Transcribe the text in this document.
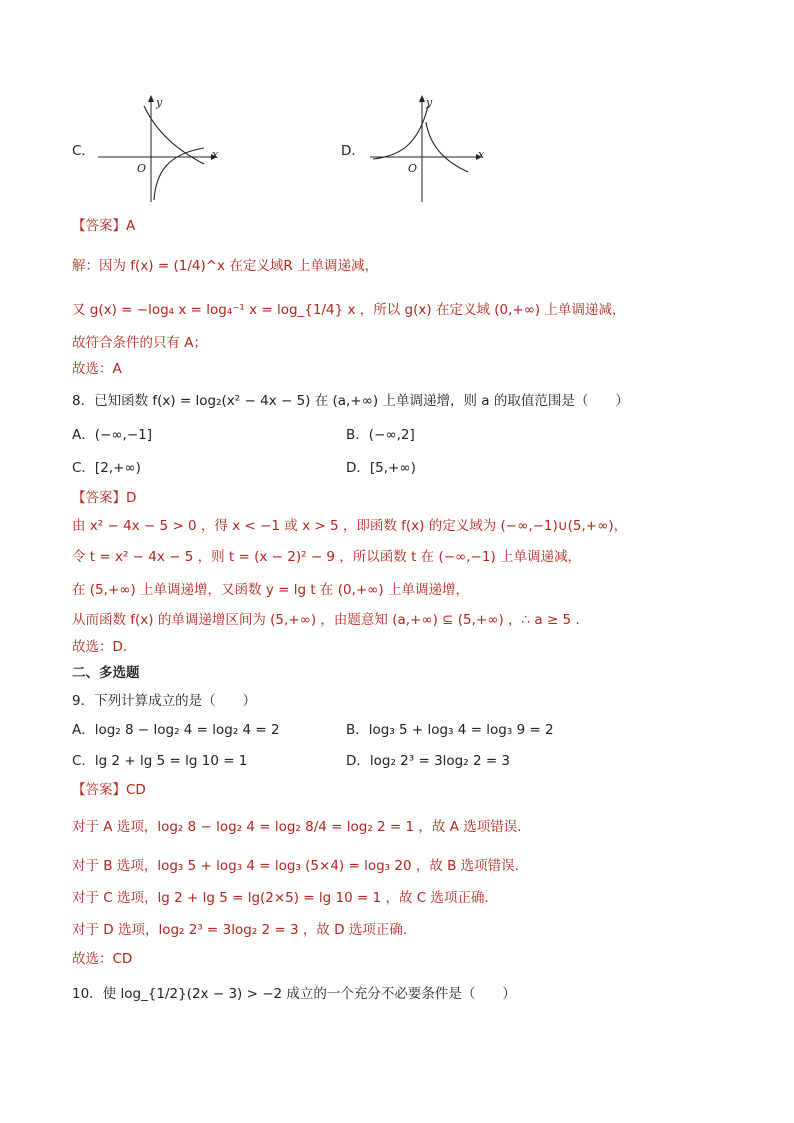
C．
y
x
O
D．
y
x
O
【答案】A
解：因为 f(x) = (1/4)^x 在定义域R 上单调递减，
又 g(x) = −log₄ x = log₄⁻¹ x = log_{1/4} x ，所以 g(x) 在定义域 (0,+∞) 上单调递减，
故符合条件的只有 A；
故选：A
8．已知函数 f(x) = log₂(x² − 4x − 5) 在 (a,+∞) 上单调递增，则 a 的取值范围是（　　）
A．(−∞,−1]	B．(−∞,2]
C．[2,+∞)	D．[5,+∞)
【答案】D
由 x² − 4x − 5 > 0 ，得 x < −1 或 x > 5 ，即函数 f(x) 的定义域为 (−∞,−1)∪(5,+∞)，
令 t = x² − 4x − 5 ，则 t = (x − 2)² − 9 ，所以函数 t 在 (−∞,−1) 上单调递减，
在 (5,+∞) 上单调递增，又函数 y = lg t 在 (0,+∞) 上单调递增，
从而函数 f(x) 的单调递增区间为 (5,+∞) ，由题意知 (a,+∞) ⊆ (5,+∞) ，∴ a ≥ 5 .
故选：D.
二、多选题
9．下列计算成立的是（　　）
A．log₂ 8 − log₂ 4 = log₂ 4 = 2	B．log₃ 5 + log₃ 4 = log₃ 9 = 2
C．lg 2 + lg 5 = lg 10 = 1	D．log₂ 2³ = 3log₂ 2 = 3
【答案】CD
对于 A 选项，log₂ 8 − log₂ 4 = log₂ 8/4 = log₂ 2 = 1 ，故 A 选项错误.
对于 B 选项，log₃ 5 + log₃ 4 = log₃ (5×4) = log₃ 20 ，故 B 选项错误.
对于 C 选项，lg 2 + lg 5 = lg(2×5) = lg 10 = 1 ，故 C 选项正确.
对于 D 选项，log₂ 2³ = 3log₂ 2 = 3 ，故 D 选项正确.
故选：CD
10．使 log_{1/2}(2x − 3) > −2 成立的一个充分不必要条件是（　　）
